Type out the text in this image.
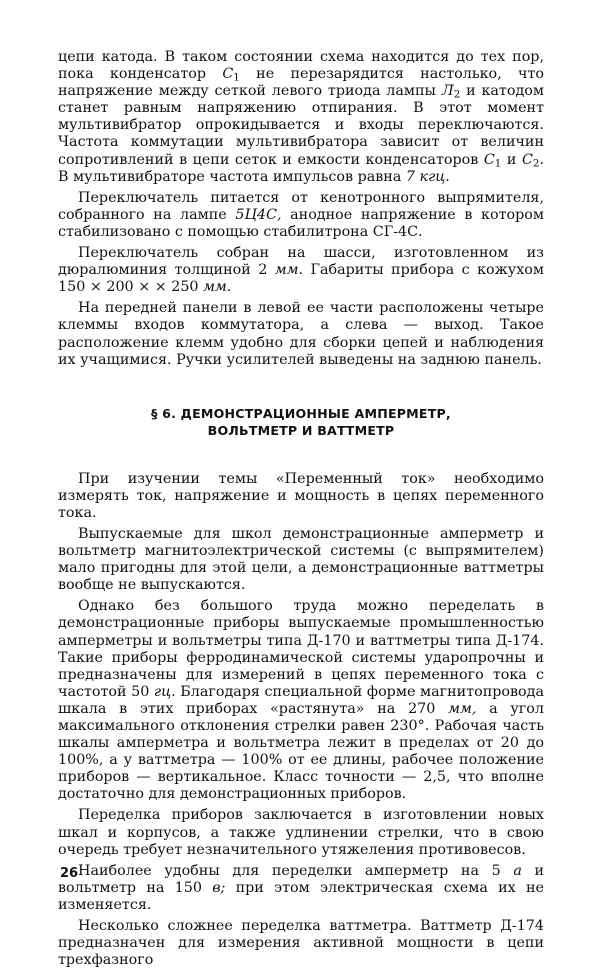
цепи катода. В таком состоянии схема находится до тех пор, пока конденсатор $C_1$ не перезарядится настолько, что напряжение между сеткой левого триода лампы $Л_2$ и катодом станет равным напряжению отпирания. В этот момент мультивибратор опрокидывается и входы переключаются. Частота коммутации мультивибратора зависит от величин сопротивлений в цепи сеток и емкости конденсаторов $C_1$ и $C_2$. В мультивибраторе частота импульсов равна 7 кгц.

Переключатель питается от кенотронного выпрямителя, собранного на лампе 5Ц4С, анодное напряжение в котором стабилизовано с помощью стабилитрона СГ-4С.

Переключатель собран на шасси, изготовленном из дюралюминия толщиной 2 мм. Габариты прибора с кожухом 150 × 200 × × 250 мм.

На передней панели в левой ее части расположены четыре клеммы входов коммутатора, а слева — выход. Такое расположение клемм удобно для сборки цепей и наблюдения их учащимися. Ручки усилителей выведены на заднюю панель.

§ 6. ДЕМОНСТРАЦИОННЫЕ АМПЕРМЕТР,
ВОЛЬТМЕТР И ВАТТМЕТР

При изучении темы «Переменный ток» необходимо измерять ток, напряжение и мощность в цепях переменного тока.

Выпускаемые для школ демонстрационные амперметр и вольтметр магнитоэлектрической системы (с выпрямителем) мало пригодны для этой цели, а демонстрационные ваттметры вообще не выпускаются.

Однако без большого труда можно переделать в демонстрационные приборы выпускаемые промышленностью амперметры и вольтметры типа Д-170 и ваттметры типа Д-174. Такие приборы ферродинамической системы ударопрочны и предназначены для измерений в цепях переменного тока с частотой 50 гц. Благодаря специальной форме магнитопровода шкала в этих приборах «растянута» на 270 мм, а угол максимального отклонения стрелки равен 230°. Рабочая часть шкалы амперметра и вольтметра лежит в пределах от 20 до 100%, а у ваттметра — 100% от ее длины, рабочее положение приборов — вертикальное. Класс точности — 2,5, что вполне достаточно для демонстрационных приборов.

Переделка приборов заключается в изготовлении новых шкал и корпусов, а также удлинении стрелки, что в свою очередь требует незначительного утяжеления противовесов.

Наиболее удобны для переделки амперметр на 5 а и вольтметр на 150 в; при этом электрическая схема их не изменяется.

Несколько сложнее переделка ваттметра. Ваттметр Д-174 предназначен для измерения активной мощности в цепи трехфазного

26
